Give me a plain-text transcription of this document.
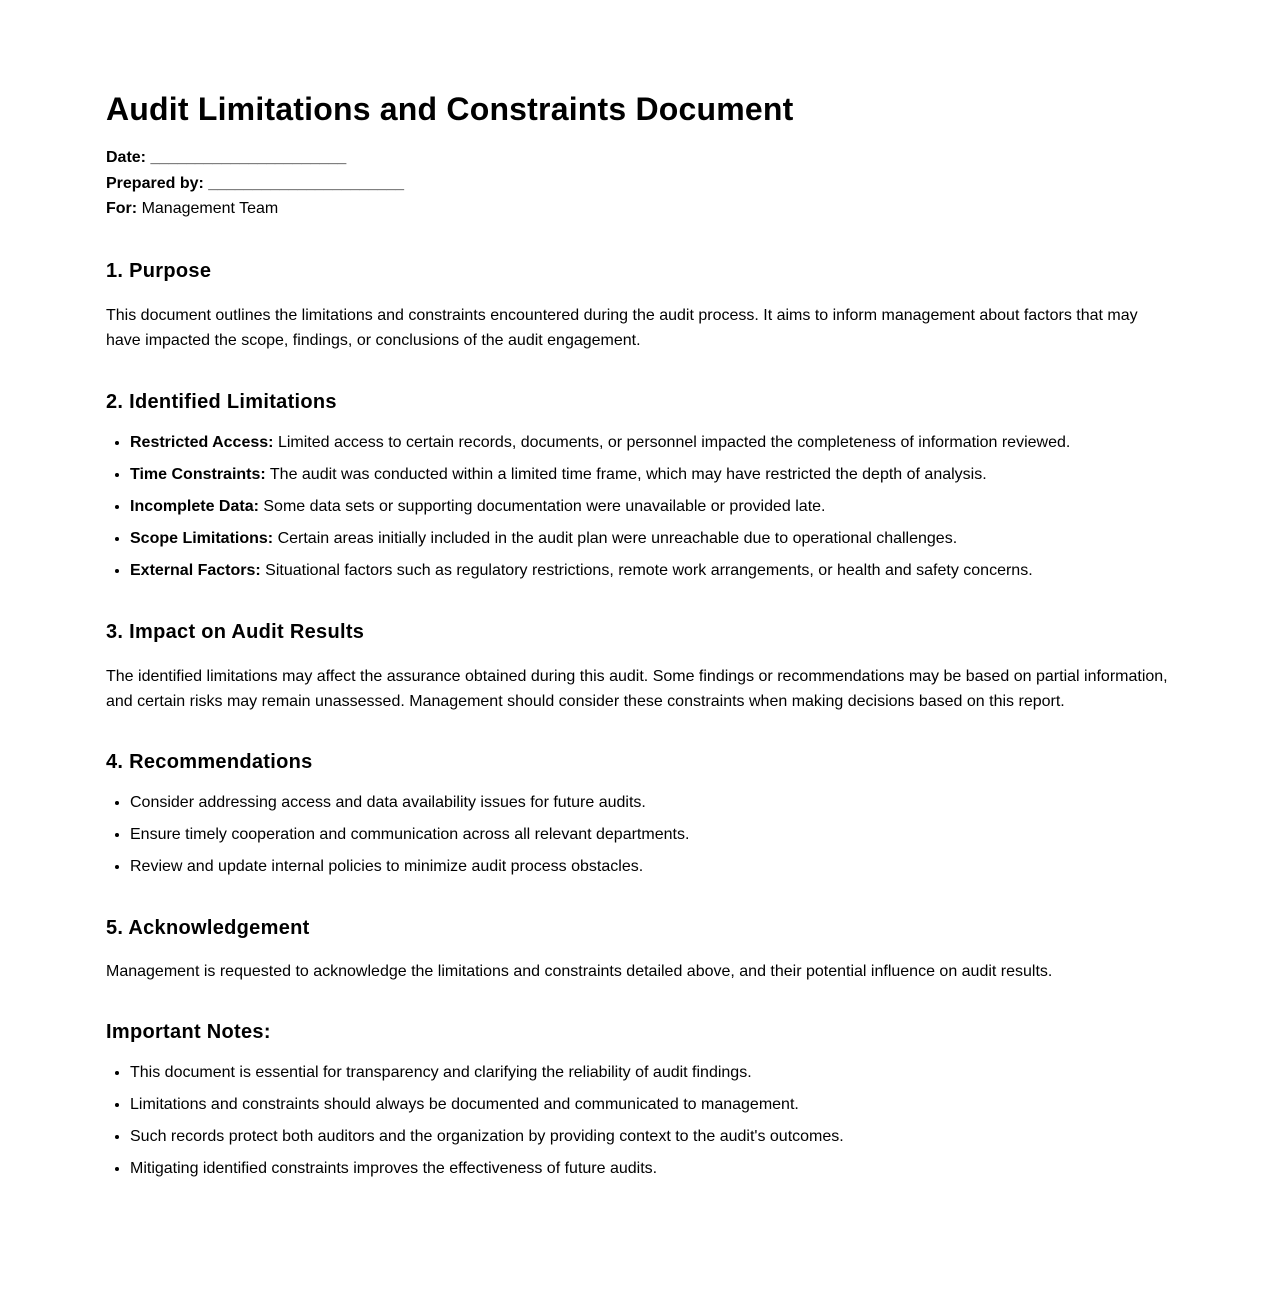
Audit Limitations and Constraints Document
Date: ______________________
Prepared by: ______________________
For: Management Team
1. Purpose

This document outlines the limitations and constraints encountered during the audit process. It aims to inform management about factors that may have impacted the scope, findings, or conclusions of the audit engagement.

2. Identified Limitations
• Restricted Access: Limited access to certain records, documents, or personnel impacted the completeness of information reviewed.
• Time Constraints: The audit was conducted within a limited time frame, which may have restricted the depth of analysis.
• Incomplete Data: Some data sets or supporting documentation were unavailable or provided late.
• Scope Limitations: Certain areas initially included in the audit plan were unreachable due to operational challenges.
• External Factors: Situational factors such as regulatory restrictions, remote work arrangements, or health and safety concerns.
3. Impact on Audit Results

The identified limitations may affect the assurance obtained during this audit. Some findings or recommendations may be based on partial information, and certain risks may remain unassessed. Management should consider these constraints when making decisions based on this report.

4. Recommendations
• Consider addressing access and data availability issues for future audits.
• Ensure timely cooperation and communication across all relevant departments.
• Review and update internal policies to minimize audit process obstacles.
5. Acknowledgement

Management is requested to acknowledge the limitations and constraints detailed above, and their potential influence on audit results.

Important Notes:
• This document is essential for transparency and clarifying the reliability of audit findings.
• Limitations and constraints should always be documented and communicated to management.
• Such records protect both auditors and the organization by providing context to the audit's outcomes.
• Mitigating identified constraints improves the effectiveness of future audits.
